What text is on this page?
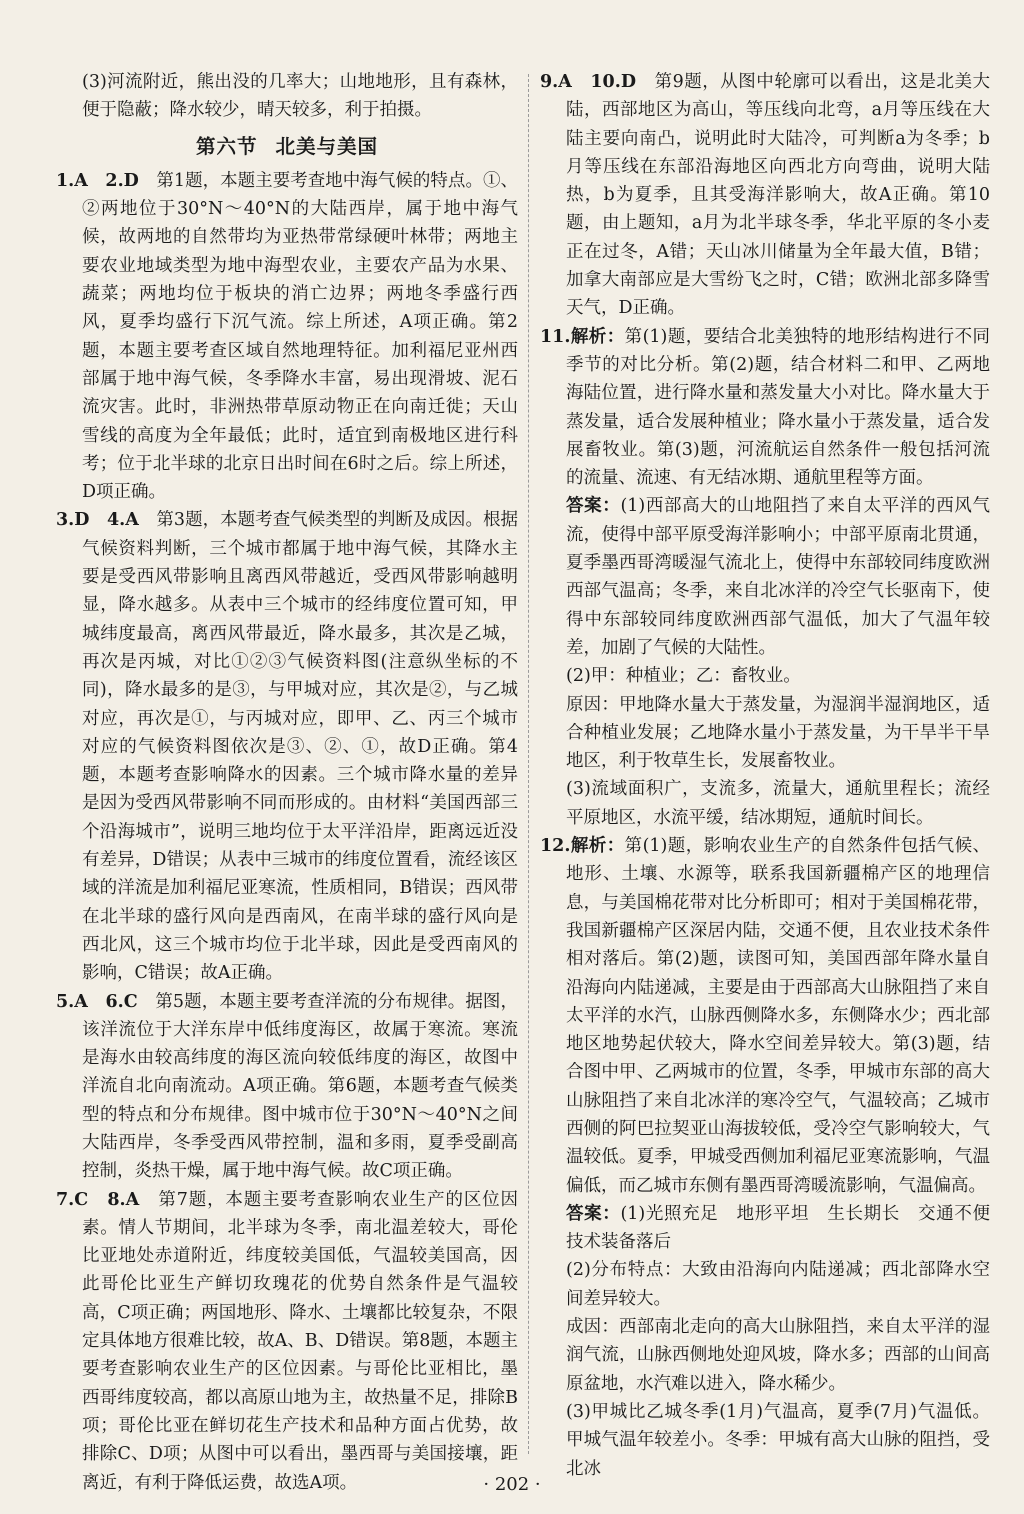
(3)河流附近，熊出没的几率大；山地地形，且有森林，便于隐蔽；降水较少，晴天较多，利于拍摄。

第六节 北美与美国

1.A　2.D　 第1题，本题主要考查地中海气候的特点。①、②两地位于30°N～40°N的大陆西岸，属于地中海气候，故两地的自然带均为亚热带常绿硬叶林带；两地主要农业地域类型为地中海型农业，主要农产品为水果、蔬菜；两地均位于板块的消亡边界；两地冬季盛行西风，夏季均盛行下沉气流。综上所述，A项正确。第2题，本题主要考查区域自然地理特征。加利福尼亚州西部属于地中海气候，冬季降水丰富，易出现滑坡、泥石流灾害。此时，非洲热带草原动物正在向南迁徙；天山雪线的高度为全年最低；此时，适宜到南极地区进行科考；位于北半球的北京日出时间在6时之后。综上所述，D项正确。

3.D　4.A　 第3题，本题考查气候类型的判断及成因。根据气候资料判断，三个城市都属于地中海气候，其降水主要是受西风带影响且离西风带越近，受西风带影响越明显，降水越多。从表中三个城市的经纬度位置可知，甲城纬度最高，离西风带最近，降水最多，其次是乙城，再次是丙城，对比①②③气候资料图(注意纵坐标的不同)，降水最多的是③，与甲城对应，其次是②，与乙城对应，再次是①，与丙城对应，即甲、乙、丙三个城市对应的气候资料图依次是③、②、①，故D正确。第4题，本题考查影响降水的因素。三个城市降水量的差异是因为受西风带影响不同而形成的。由材料“美国西部三个沿海城市”，说明三地均位于太平洋沿岸，距离远近没有差异，D错误；从表中三城市的纬度位置看，流经该区域的洋流是加利福尼亚寒流，性质相同，B错误；西风带在北半球的盛行风向是西南风，在南半球的盛行风向是西北风，这三个城市均位于北半球，因此是受西南风的影响，C错误；故A正确。

5.A　6.C　 第5题，本题主要考查洋流的分布规律。据图，该洋流位于大洋东岸中低纬度海区，故属于寒流。寒流是海水由较高纬度的海区流向较低纬度的海区，故图中洋流自北向南流动。A项正确。第6题，本题考查气候类型的特点和分布规律。图中城市位于30°N～40°N之间大陆西岸，冬季受西风带控制，温和多雨，夏季受副高控制，炎热干燥，属于地中海气候。故C项正确。

7.C　8.A　 第7题，本题主要考查影响农业生产的区位因素。情人节期间，北半球为冬季，南北温差较大，哥伦比亚地处赤道附近，纬度较美国低，气温较美国高，因此哥伦比亚生产鲜切玫瑰花的优势自然条件是气温较高，C项正确；两国地形、降水、土壤都比较复杂，不限定具体地方很难比较，故A、B、D错误。第8题，本题主要考查影响农业生产的区位因素。与哥伦比亚相比，墨西哥纬度较高，都以高原山地为主，故热量不足，排除B项；哥伦比亚在鲜切花生产技术和品种方面占优势，故排除C、D项；从图中可以看出，墨西哥与美国接壤，距离近，有利于降低运费，故选A项。

9.A　10.D　 第9题，从图中轮廓可以看出，这是北美大陆，西部地区为高山，等压线向北弯，a月等压线在大陆主要向南凸，说明此时大陆冷，可判断a为冬季；b月等压线在东部沿海地区向西北方向弯曲，说明大陆热，b为夏季，且其受海洋影响大，故A正确。第10题，由上题知，a月为北半球冬季，华北平原的冬小麦正在过冬，A错；天山冰川储量为全年最大值，B错；加拿大南部应是大雪纷飞之时，C错；欧洲北部多降雪天气，D正确。

11.解析：第(1)题，要结合北美独特的地形结构进行不同季节的对比分析。第(2)题，结合材料二和甲、乙两地海陆位置，进行降水量和蒸发量大小对比。降水量大于蒸发量，适合发展种植业；降水量小于蒸发量，适合发展畜牧业。第(3)题，河流航运自然条件一般包括河流的流量、流速、有无结冰期、通航里程等方面。

答案：(1)西部高大的山地阻挡了来自太平洋的西风气流，使得中部平原受海洋影响小；中部平原南北贯通，夏季墨西哥湾暖湿气流北上，使得中东部较同纬度欧洲西部气温高；冬季，来自北冰洋的冷空气长驱南下，使得中东部较同纬度欧洲西部气温低，加大了气温年较差，加剧了气候的大陆性。

(2)甲：种植业；乙：畜牧业。

原因：甲地降水量大于蒸发量，为湿润半湿润地区，适合种植业发展；乙地降水量小于蒸发量，为干旱半干旱地区，利于牧草生长，发展畜牧业。

(3)流域面积广，支流多，流量大，通航里程长；流经平原地区，水流平缓，结冰期短，通航时间长。

12.解析：第(1)题，影响农业生产的自然条件包括气候、地形、土壤、水源等，联系我国新疆棉产区的地理信息，与美国棉花带对比分析即可；相对于美国棉花带，我国新疆棉产区深居内陆，交通不便，且农业技术条件相对落后。第(2)题，读图可知，美国西部年降水量自沿海向内陆递减，主要是由于西部高大山脉阻挡了来自太平洋的水汽，山脉西侧降水多，东侧降水少；西北部地区地势起伏较大，降水空间差异较大。第(3)题，结合图中甲、乙两城市的位置，冬季，甲城市东部的高大山脉阻挡了来自北冰洋的寒冷空气，气温较高；乙城市西侧的阿巴拉契亚山海拔较低，受冷空气影响较大，气温较低。夏季，甲城受西侧加利福尼亚寒流影响，气温偏低，而乙城市东侧有墨西哥湾暖流影响，气温偏高。

答案：(1)光照充足　地形平坦　生长期长　交通不便　技术装备落后

(2)分布特点：大致由沿海向内陆递减；西北部降水空间差异较大。

成因：西部南北走向的高大山脉阻挡，来自太平洋的湿润气流，山脉西侧地处迎风坡，降水多；西部的山间高原盆地，水汽难以进入，降水稀少。

(3)甲城比乙城冬季(1月)气温高，夏季(7月)气温低。甲城气温年较差小。冬季：甲城有高大山脉的阻挡，受北冰

· 202 ·
